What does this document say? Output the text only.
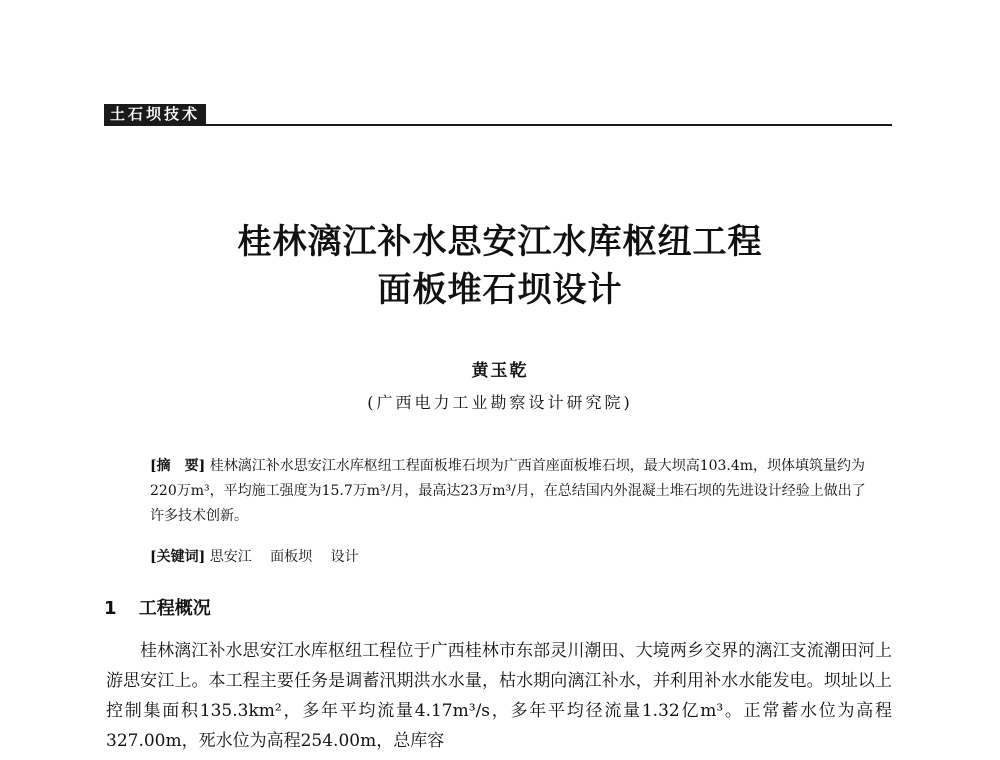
土石坝技术
桂林漓江补水思安江水库枢纽工程
面板堆石坝设计
黄玉乾
(广西电力工业勘察设计研究院)
[摘　要] 桂林漓江补水思安江水库枢纽工程面板堆石坝为广西首座面板堆石坝，最大坝高103.4m，坝体填筑量约为220万m³，平均施工强度为15.7万m³/月，最高达23万m³/月，在总结国内外混凝土堆石坝的先进设计经验上做出了许多技术创新。
[关键词] 思安江 面板坝 设计
1 工程概况

桂林漓江补水思安江水库枢纽工程位于广西桂林市东部灵川潮田、大境两乡交界的漓江支流潮田河上游思安江上。本工程主要任务是调蓄汛期洪水水量，枯水期向漓江补水，并利用补水水能发电。坝址以上控制集面积135.3km²，多年平均流量4.17m³/s，多年平均径流量1.32亿m³。正常蓄水位为高程327.00m，死水位为高程254.00m，总库容
